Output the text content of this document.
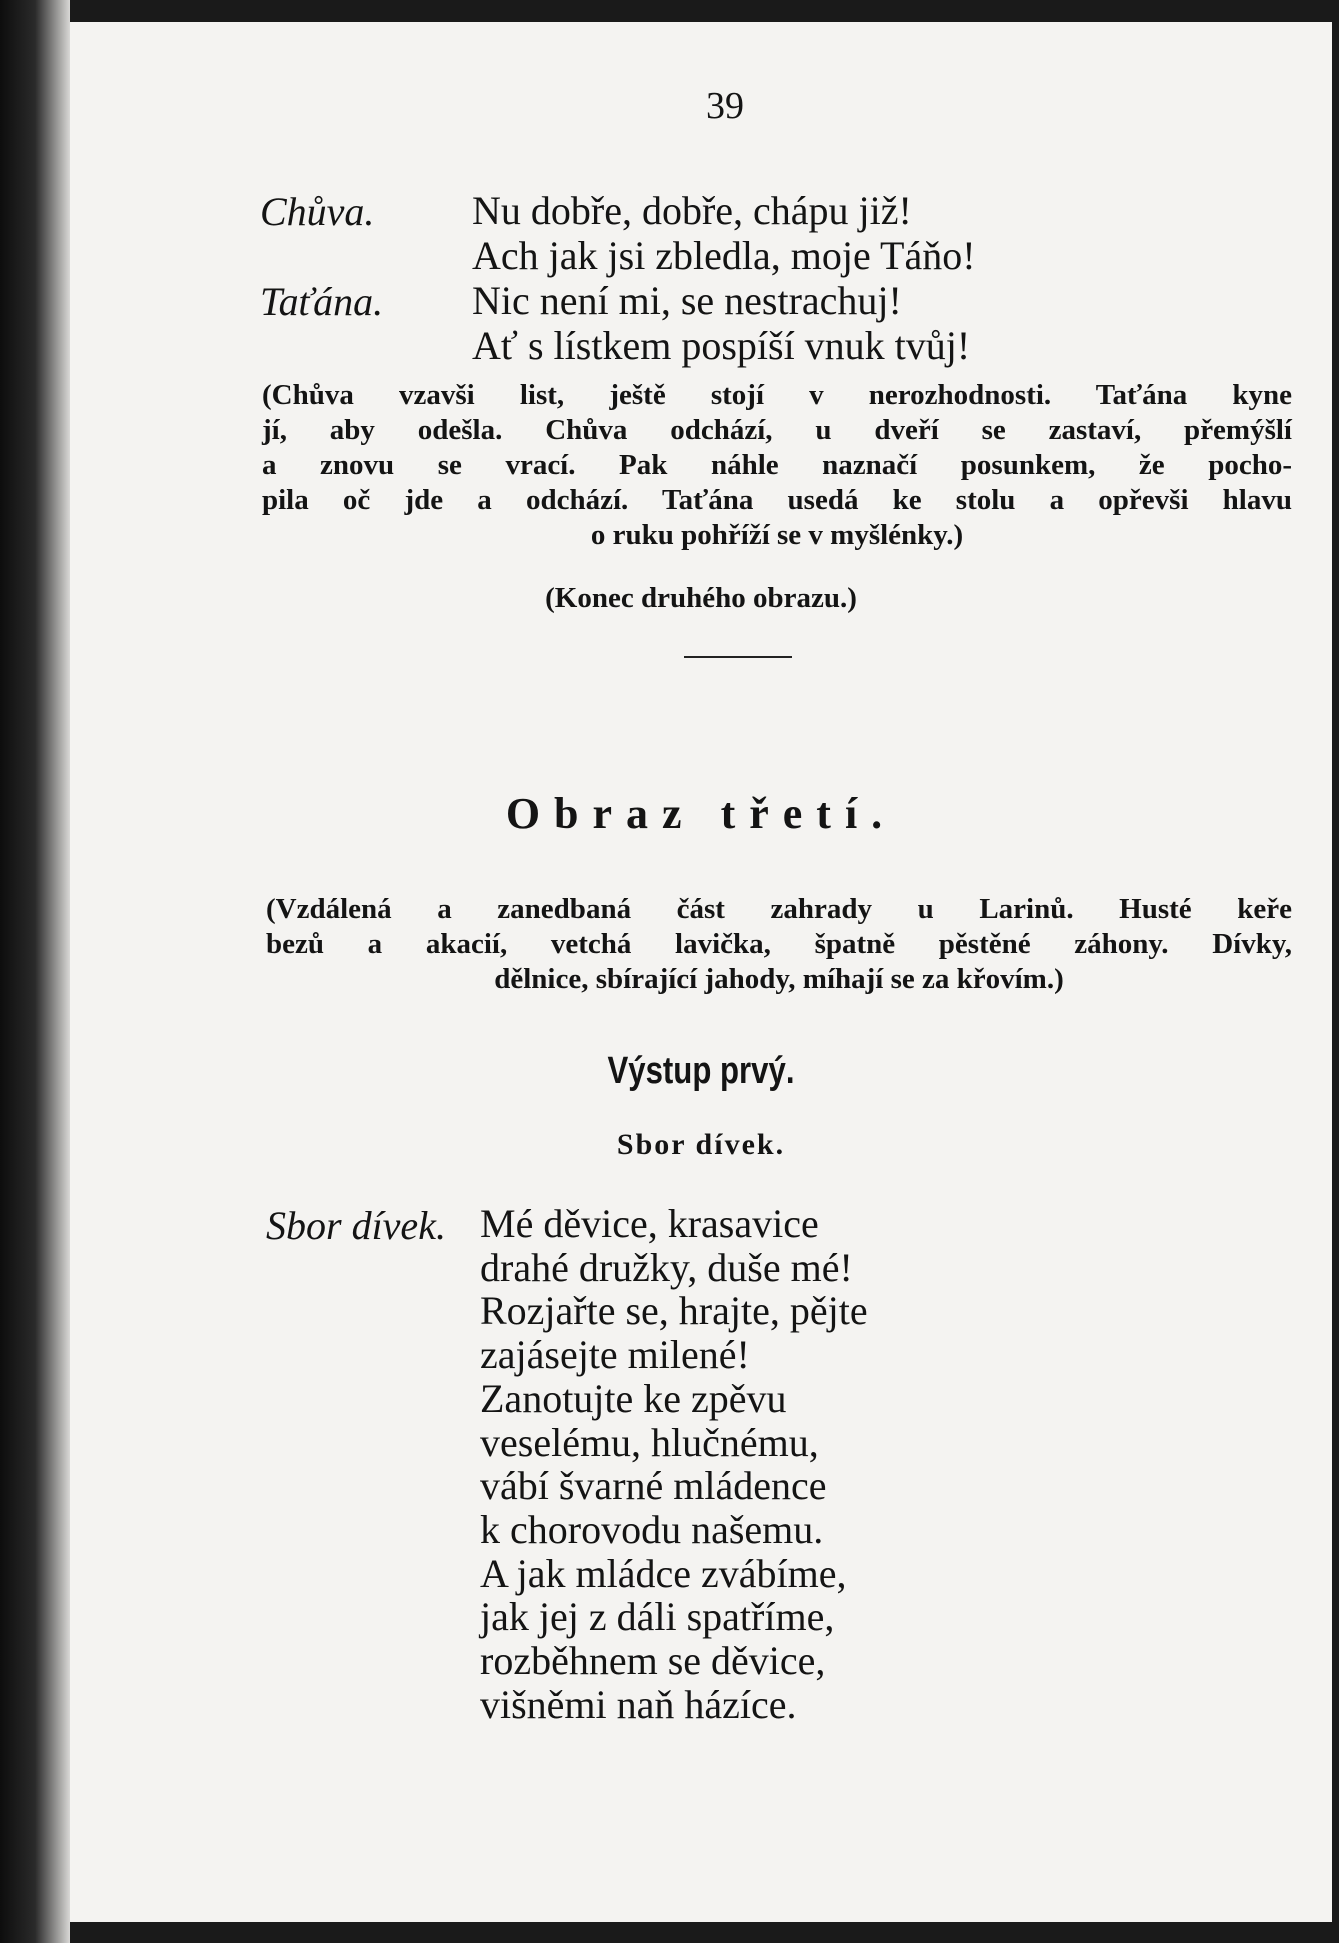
39
Chůva. Nu dobře, dobře, chápu již!
Ach jak jsi zbledla, moje Táňo!
Taťána. Nic není mi, se nestrachuj!
Ať s lístkem pospíší vnuk tvůj!
(Chůva vzavši list, ještě stojí v nerozhodnosti. Taťána kyne
jí, aby odešla. Chůva odchází, u dveří se zastaví, přemýšlí
a znovu se vrací. Pak náhle naznačí posunkem, že pocho-
pila oč jde a odchází. Taťána usedá ke stolu a opřevši hlavu
o ruku pohříží se v myšlénky.)
(Konec druhého obrazu.)
Obraz třetí.
(Vzdálená a zanedbaná část zahrady u Larinů. Husté keře
bezů a akacií, vetchá lavička, špatně pěstěné záhony. Dívky,
dělnice, sbírající jahody, míhají se za křovím.)
Výstup prvý.
Sbor dívek.
Sbor dívek. Mé děvice, krasavice
drahé družky, duše mé!
Rozjařte se, hrajte, pějte
zajásejte milené!
Zanotujte ke zpěvu
veselému, hlučnému,
vábí švarné mládence
k chorovodu našemu.
A jak mládce zvábíme,
jak jej z dáli spatříme,
rozběhnem se děvice,
višněmi naň házíce.
